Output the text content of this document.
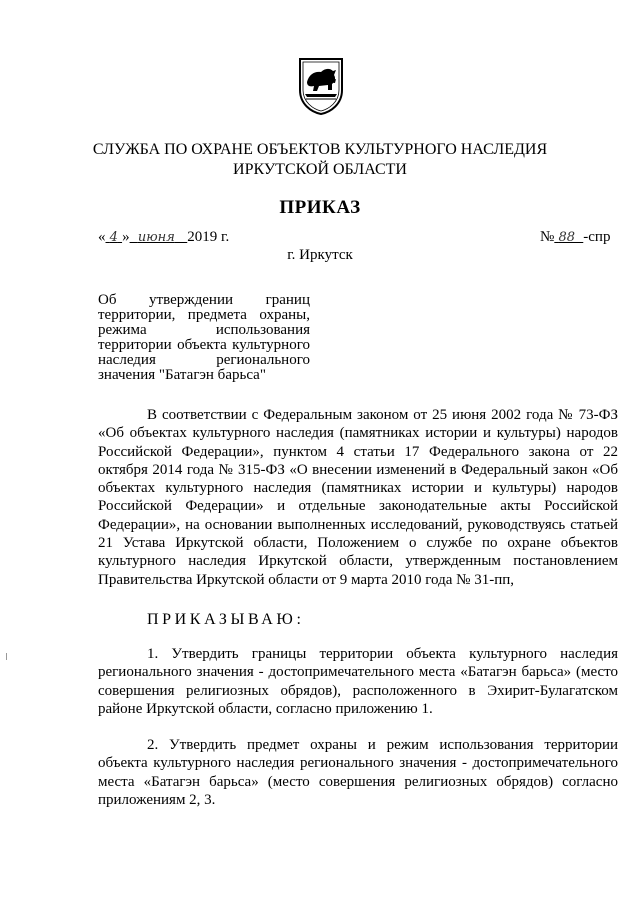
СЛУЖБА ПО ОХРАНЕ ОБЪЕКТОВ КУЛЬТУРНОГО НАСЛЕДИЯ
ИРКУТСКОЙ ОБЛАСТИ
ПРИКАЗ
« 4 » июня 2019 г.	№ 88 -спр
г. Иркутск
Об утверждении границ
территории, предмета охраны,
режима использования
территории объекта культурного
наследия регионального
значения "Батагэн барьса"
В соответствии с Федеральным законом от 25 июня 2002 года № 73-ФЗ «Об объектах культурного наследия (памятниках истории и культуры) народов Российской Федерации», пунктом 4 статьи 17 Федерального закона от 22 октября 2014 года № 315-ФЗ «О внесении изменений в Федеральный закон «Об объектах культурного наследия (памятниках истории и культуры) народов Российской Федерации» и отдельные законодательные акты Российской Федерации», на основании выполненных исследований, руководствуясь статьей 21 Устава Иркутской области, Положением о службе по охране объектов культурного наследия Иркутской области, утвержденным постановлением Правительства Иркутской области от 9 марта 2010 года № 31-пп,
ПРИКАЗЫВАЮ:
1. Утвердить границы территории объекта культурного наследия регионального значения - достопримечательного места «Батагэн барьса» (место совершения религиозных обрядов), расположенного в Эхирит-Булагатском районе Иркутской области, согласно приложению 1.
2. Утвердить предмет охраны и режим использования территории объекта культурного наследия регионального значения - достопримечательного места «Батагэн барьса» (место совершения религиозных обрядов) согласно приложениям 2, 3.
